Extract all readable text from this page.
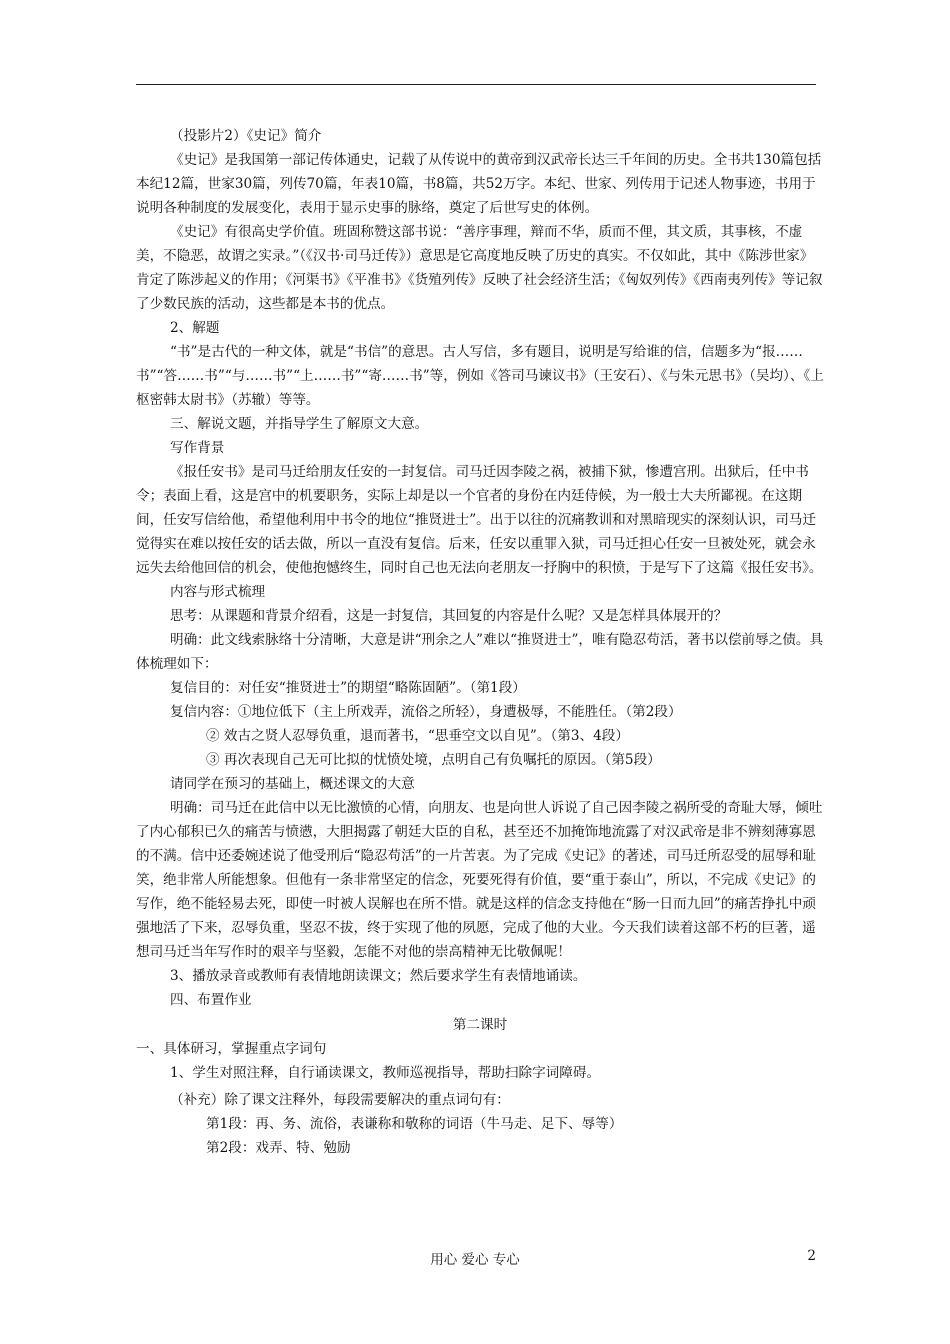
（投影片2）《史记》简介

《史记》是我国第一部记传体通史，记载了从传说中的黄帝到汉武帝长达三千年间的历史。全书共130篇包括本纪12篇，世家30篇，列传70篇，年表10篇，书8篇，共52万字。本纪、世家、列传用于记述人物事迹，书用于说明各种制度的发展变化，表用于显示史事的脉络，奠定了后世写史的体例。

《史记》有很高史学价值。班固称赞这部书说：“善序事理，辩而不华，质而不俚，其文质，其事核，不虚美，不隐恶，故谓之实录。”（《汉书·司马迁传》）意思是它高度地反映了历史的真实。不仅如此，其中《陈涉世家》肯定了陈涉起义的作用；《河渠书》《平准书》《货殖列传》反映了社会经济生活；《匈奴列传》《西南夷列传》等记叙了少数民族的活动，这些都是本书的优点。

2、解题

“书”是古代的一种文体，就是“书信”的意思。古人写信，多有题目，说明是写给谁的信，信题多为“报……书”“答……书”“与……书”“上……书”“寄……书”等，例如《答司马谏议书》（王安石）、《与朱元思书》（吴均）、《上枢密韩太尉书》（苏辙）等等。

三、解说文题，并指导学生了解原文大意。

写作背景

《报任安书》是司马迁给朋友任安的一封复信。司马迁因李陵之祸，被捕下狱，惨遭宫刑。出狱后，任中书令；表面上看，这是宫中的机要职务，实际上却是以一个官者的身份在内廷侍候，为一般士大夫所鄙视。在这期间，任安写信给他，希望他利用中书令的地位“推贤进士”。出于以往的沉痛教训和对黑暗现实的深刻认识，司马迁觉得实在难以按任安的话去做，所以一直没有复信。后来，任安以重罪入狱，司马迁担心任安一旦被处死，就会永远失去给他回信的机会，使他抱憾终生，同时自己也无法向老朋友一抒胸中的积愤，于是写下了这篇《报任安书》。

内容与形式梳理

思考：从课题和背景介绍看，这是一封复信，其回复的内容是什么呢？又是怎样具体展开的？

明确：此文线索脉络十分清晰，大意是讲“刑余之人”难以“推贤进士”，唯有隐忍苟活，著书以偿前辱之债。具体梳理如下：

复信目的：对任安“推贤进士”的期望“略陈固陋”。（第1段）

复信内容：①地位低下（主上所戏弄，流俗之所轻），身遭极辱，不能胜任。（第2段）

② 效古之贤人忍辱负重，退而著书，“思垂空文以自见”。（第3、4段）

③ 再次表现自己无可比拟的忧愤处境，点明自己有负嘱托的原因。（第5段）

请同学在预习的基础上，概述课文的大意

明确：司马迁在此信中以无比激愤的心情，向朋友、也是向世人诉说了自己因李陵之祸所受的奇耻大辱，倾吐了内心郁积已久的痛苦与愤懑，大胆揭露了朝廷大臣的自私，甚至还不加掩饰地流露了对汉武帝是非不辨刻薄寡恩的不满。信中还委婉述说了他受刑后“隐忍苟活”的一片苦衷。为了完成《史记》的著述，司马迁所忍受的屈辱和耻笑，绝非常人所能想象。但他有一条非常坚定的信念，死要死得有价值，要“重于泰山”，所以，不完成《史记》的写作，绝不能轻易去死，即使一时被人误解也在所不惜。就是这样的信念支持他在“肠一日而九回”的痛苦挣扎中顽强地活了下来，忍辱负重，坚忍不拔，终于实现了他的夙愿，完成了他的大业。今天我们读着这部不朽的巨著，遥想司马迁当年写作时的艰辛与坚毅，怎能不对他的崇高精神无比敬佩呢！

3、播放录音或教师有表情地朗读课文；然后要求学生有表情地诵读。

四、布置作业

第二课时

一、具体研习，掌握重点字词句

1、学生对照注释，自行诵读课文，教师巡视指导，帮助扫除字词障碍。

（补充）除了课文注释外，每段需要解决的重点词句有：

第1段：再、务、流俗，表谦称和敬称的词语（牛马走、足下、辱等）

第2段：戏弄、特、勉励

用心 爱心 专心	2
